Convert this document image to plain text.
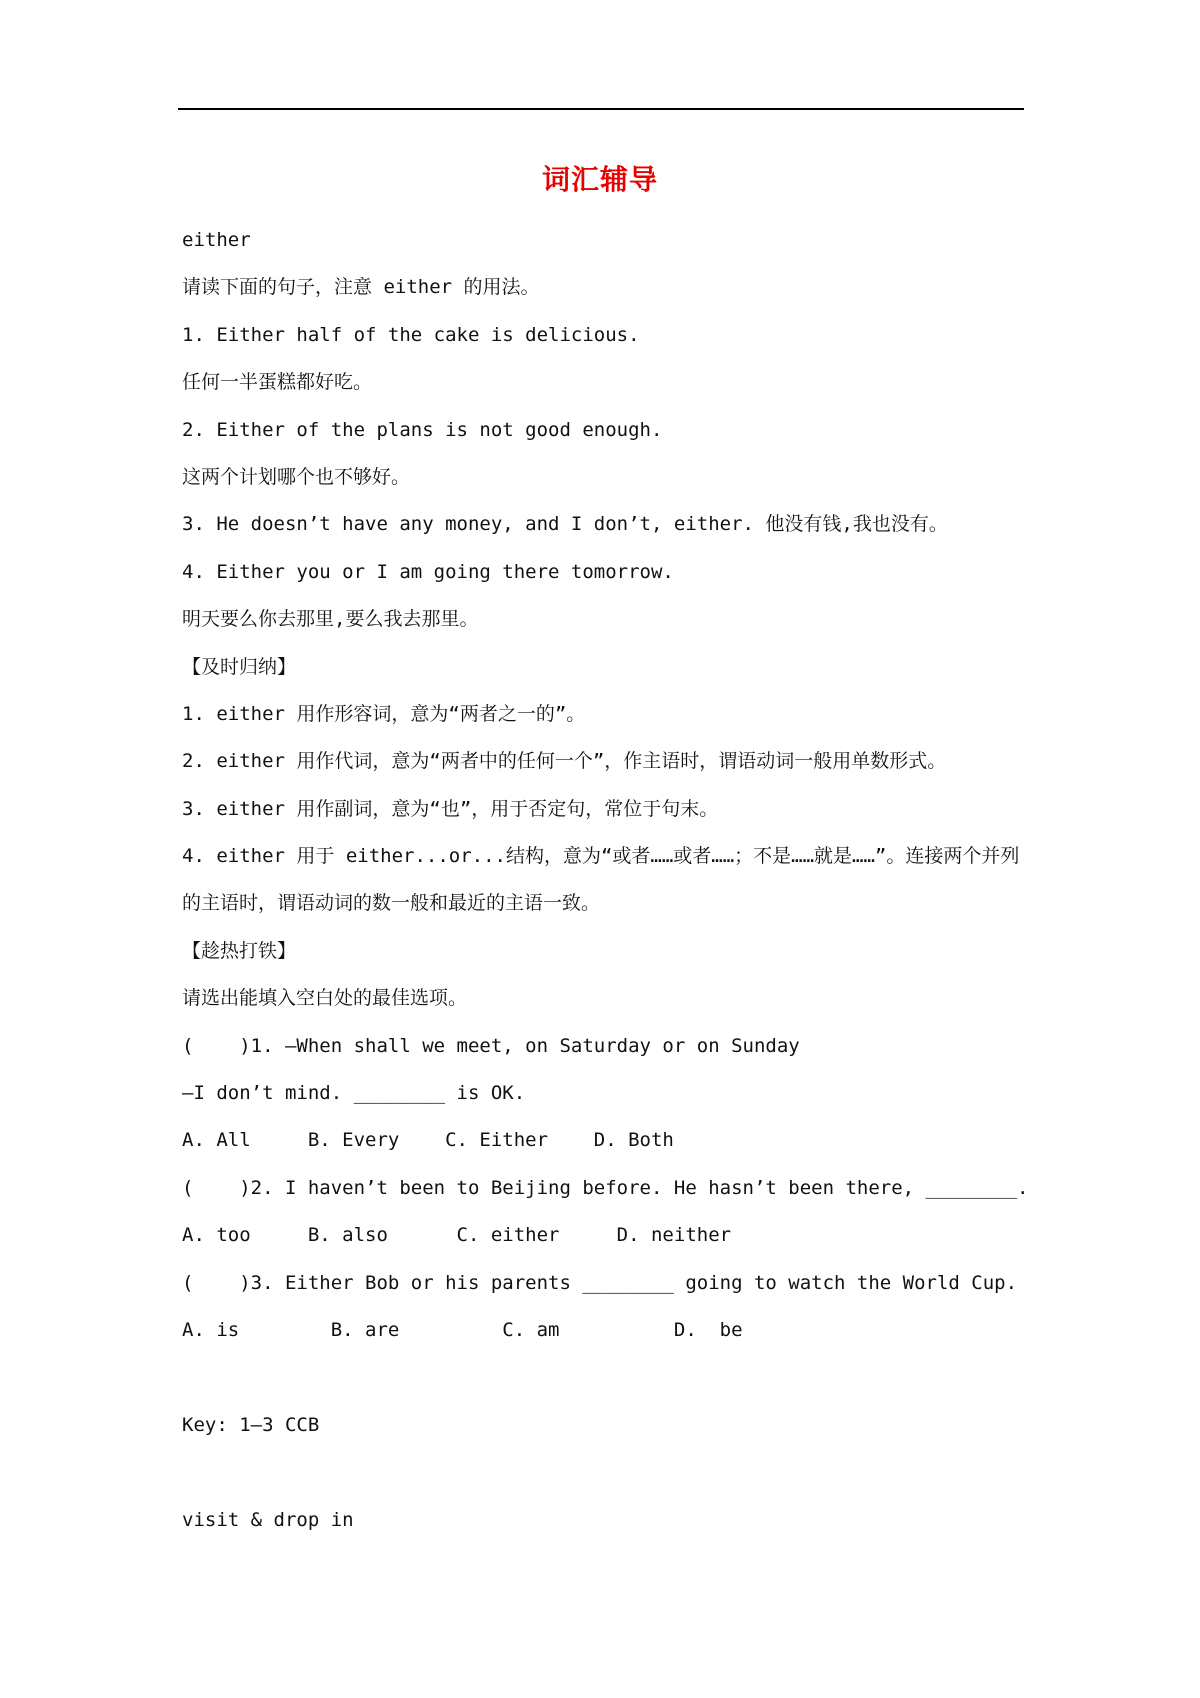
词汇辅导
either
请读下面的句子，注意 either 的用法。
1. Either half of the cake is delicious.
任何一半蛋糕都好吃。
2. Either of the plans is not good enough.
这两个计划哪个也不够好。
3. He doesn’t have any money, and I don’t, either. 他没有钱,我也没有。
4. Either you or I am going there tomorrow.
明天要么你去那里,要么我去那里。
【及时归纳】
1. either 用作形容词，意为“两者之一的”。
2. either 用作代词，意为“两者中的任何一个”，作主语时，谓语动词一般用单数形式。
3. either 用作副词，意为“也”，用于否定句，常位于句末。
4. either 用于 either...or...结构，意为“或者……或者……；不是……就是……”。连接两个并列的主语时，谓语动词的数一般和最近的主语一致。
【趁热打铁】
请选出能填入空白处的最佳选项。
(    )1. —When shall we meet, on Saturday or on Sunday
—I don’t mind. ________ is OK.
A. All     B. Every    C. Either    D. Both
(    )2. I haven’t been to Beijing before. He hasn’t been there, ________.
A. too     B. also      C. either     D. neither
(    )3. Either Bob or his parents ________ going to watch the World Cup.
A. is        B. are         C. am          D.  be
Key: 1—3 CCB
visit & drop in
